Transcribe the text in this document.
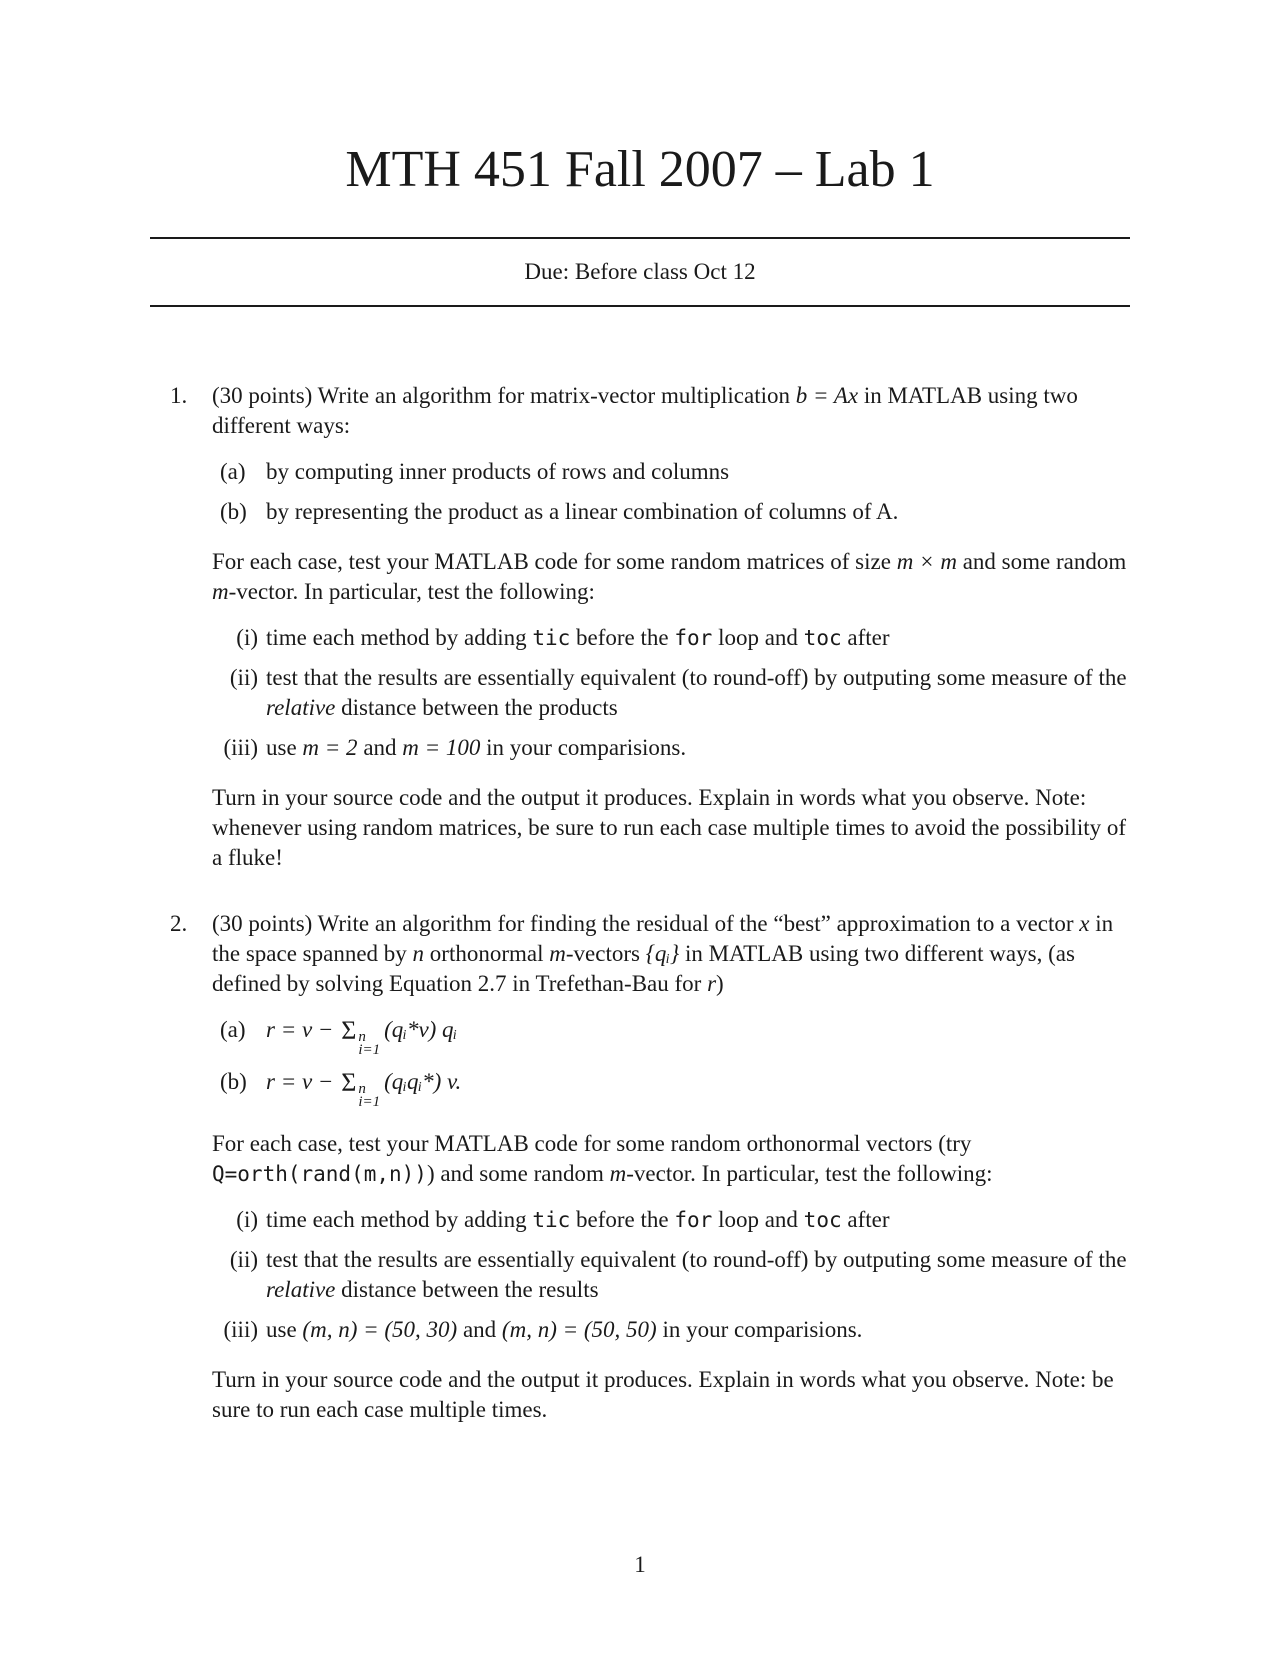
MTH 451 Fall 2007 – Lab 1
Due: Before class Oct 12
1.	(30 points) Write an algorithm for matrix-vector multiplication b = Ax in MATLAB using two different ways:

(a) by computing inner products of rows and columns
(b) by representing the product as a linear combination of columns of A.

For each case, test your MATLAB code for some random matrices of size m × m and some random m-vector. In particular, test the following:

(i) time each method by adding tic before the for loop and toc after
(ii) test that the results are essentially equivalent (to round-off) by outputing some measure of the relative distance between the products
(iii) use m = 2 and m = 100 in your comparisions.

Turn in your source code and the output it produces. Explain in words what you observe. Note: whenever using random matrices, be sure to run each case multiple times to avoid the possibility of a fluke!

2.	(30 points) Write an algorithm for finding the residual of the “best” approximation to a vector x in the space spanned by n orthonormal m-vectors {qᵢ} in MATLAB using two different ways, (as defined by solving Equation 2.7 in Trefethan-Bau for r)

(a) r = v − Σ n
i=1
(qᵢ*v) qᵢ
(b) r = v − Σ n
i=1
(qᵢqᵢ*) v.

For each case, test your MATLAB code for some random orthonormal vectors (try Q=orth(rand(m,n))) and some random m-vector. In particular, test the following:

(i) time each method by adding tic before the for loop and toc after
(ii) test that the results are essentially equivalent (to round-off) by outputing some measure of the relative distance between the results
(iii) use (m, n) = (50, 30) and (m, n) = (50, 50) in your comparisions.

Turn in your source code and the output it produces. Explain in words what you observe. Note: be sure to run each case multiple times.

1
